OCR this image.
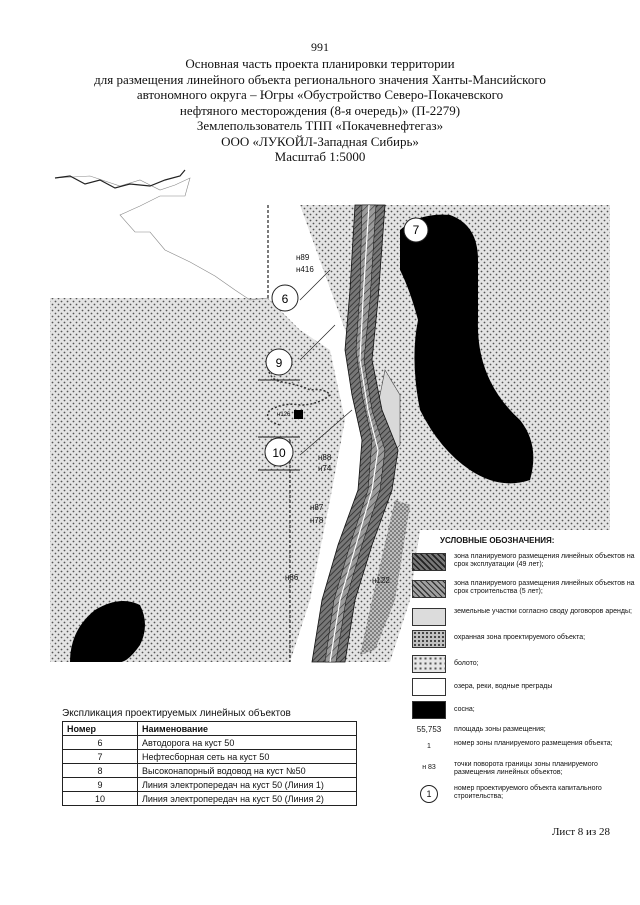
991
Основная часть проекта планировки территории
для размещения линейного объекта регионального значения Ханты-Мансийского
автономного округа – Югры «Обустройство Северо-Покачевского
нефтяного месторождения (8-я очередь)» (П-2279)
Землепользователь ТПП «Покачевнефтегаз»
ООО «ЛУКОЙЛ-Западная Сибирь»
Масштаб 1:5000
7
6
9
10
н89
н416
н126
н88
н74
н87
н78
н86	н122
УСЛОВНЫЕ ОБОЗНАЧЕНИЯ:
зона планируемого размещения линейных объектов на срок эксплуатации (49 лет);
зона планируемого размещения линейных объектов на срок строительства (5 лет);
земельные участки согласно своду договоров аренды;
охранная зона проектируемого объекта;
болото;
озера, реки, водные преграды
сосна;
55,753	площадь зоны размещения;
1	номер зоны планируемого размещения объекта;
н 83	точки поворота границы зоны планируемого размещения линейных объектов;
1
номер проектируемого объекта капитального строительства;
Экспликация проектируемых линейных объектов
Номер	Наименование
6	Автодорога на куст 50
7	Нефтесборная сеть на куст 50
8	Высоконапорный водовод на куст №50
9	Линия электропередач на куст 50 (Линия 1)
10	Линия электропередач на куст 50 (Линия 2)
Лист 8 из 28
